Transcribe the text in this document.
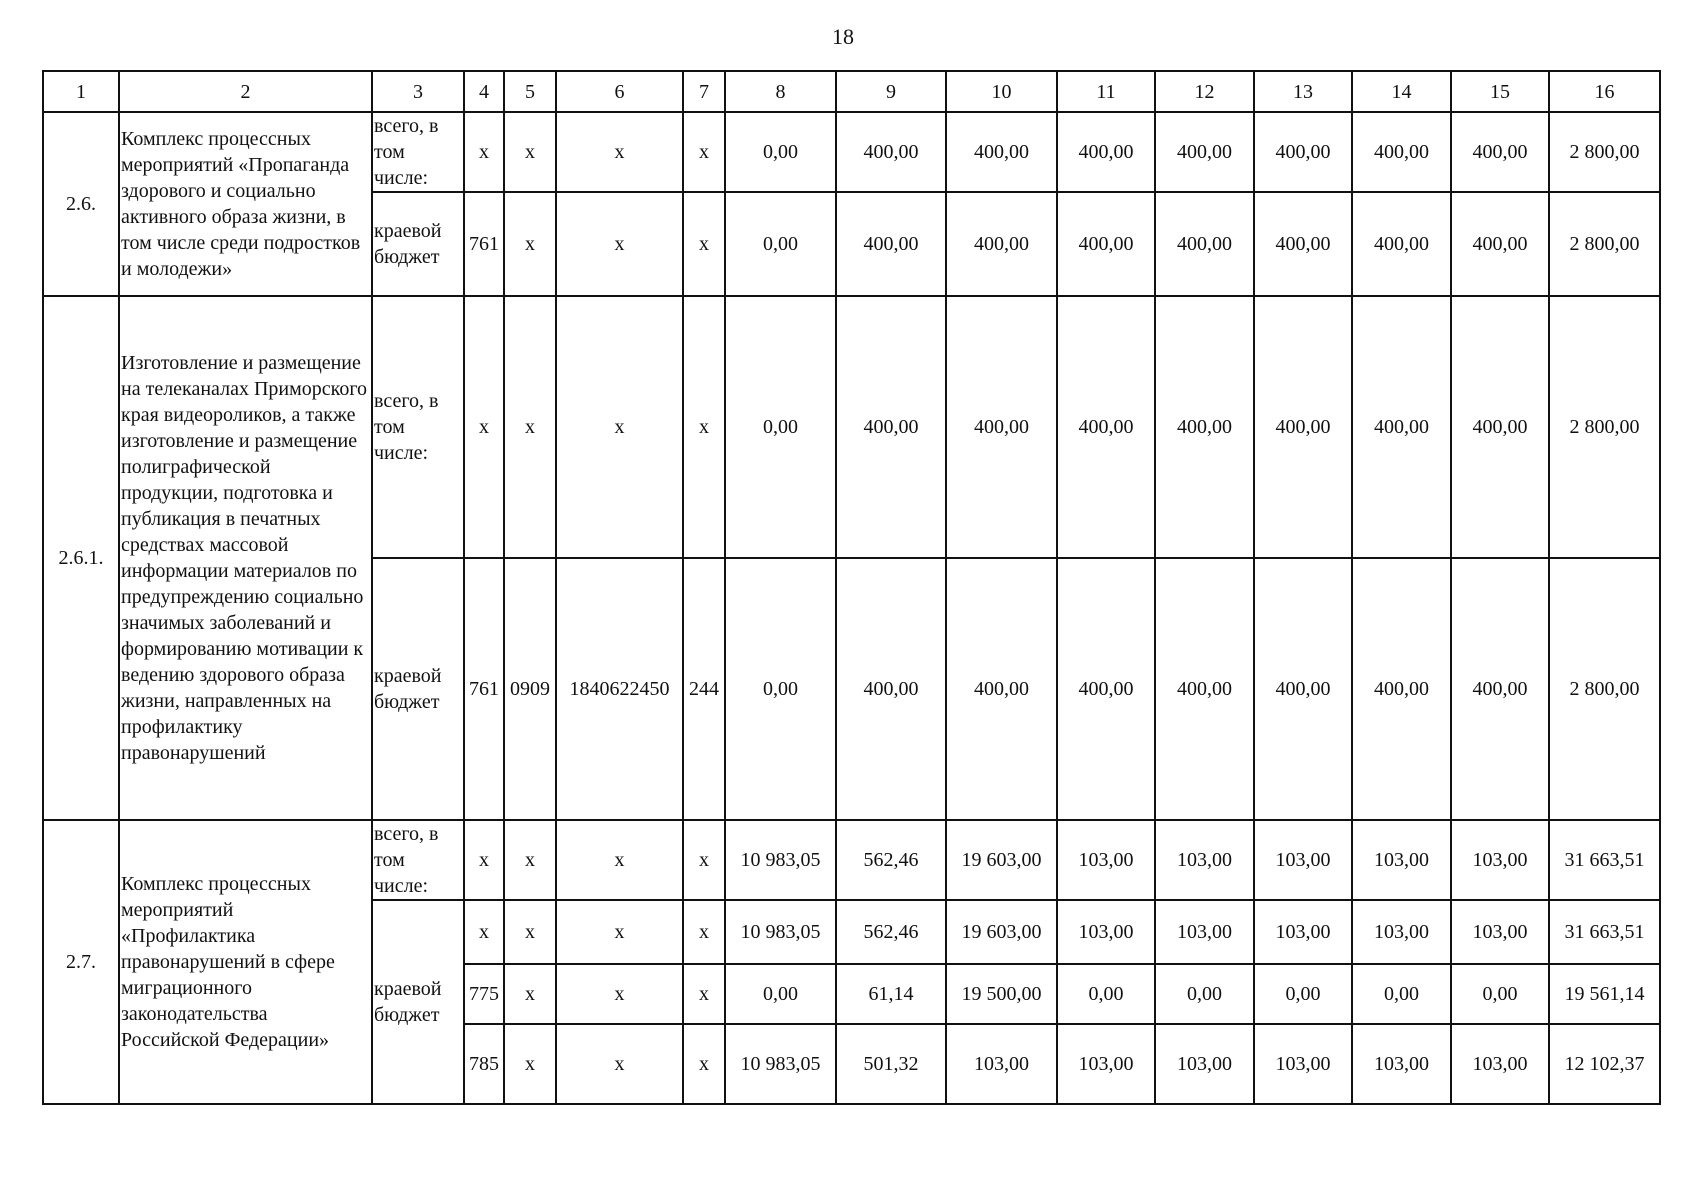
18
1	2	3	4	5	6	7	8	9	10	11	12	13	14	15	16
2.6.	Комплекс процессных мероприятий «Пропаганда здорового и социально активного образа жизни, в том числе среди подростков и молодежи»	всего, в том числе:	х	х	х	х	0,00	400,00	400,00	400,00	400,00	400,00	400,00	400,00	2 800,00
		краевой бюджет	761	х	х	х	0,00	400,00	400,00	400,00	400,00	400,00	400,00	400,00	2 800,00
2.6.1.	Изготовление и размещение на телеканалах Приморского края видеороликов, а также изготовление и размещение полиграфической продукции, подготовка и публикация в печатных средствах массовой информации материалов по предупреждению социально значимых заболеваний и формированию мотивации к ведению здорового образа жизни, направленных на профилактику правонарушений	всего, в том числе:	х	х	х	х	0,00	400,00	400,00	400,00	400,00	400,00	400,00	400,00	2 800,00
		краевой бюджет	761	0909	1840622450	244	0,00	400,00	400,00	400,00	400,00	400,00	400,00	400,00	2 800,00
2.7.	Комплекс процессных мероприятий «Профилактика правонарушений в сфере миграционного законодательства Российской Федерации»	всего, в том числе:	х	х	х	х	10 983,05	562,46	19 603,00	103,00	103,00	103,00	103,00	103,00	31 663,51
		краевой бюджет	х	х	х	х	10 983,05	562,46	19 603,00	103,00	103,00	103,00	103,00	103,00	31 663,51
			775	х	х	х	0,00	61,14	19 500,00	0,00	0,00	0,00	0,00	0,00	19 561,14
			785	х	х	х	10 983,05	501,32	103,00	103,00	103,00	103,00	103,00	103,00	12 102,37
